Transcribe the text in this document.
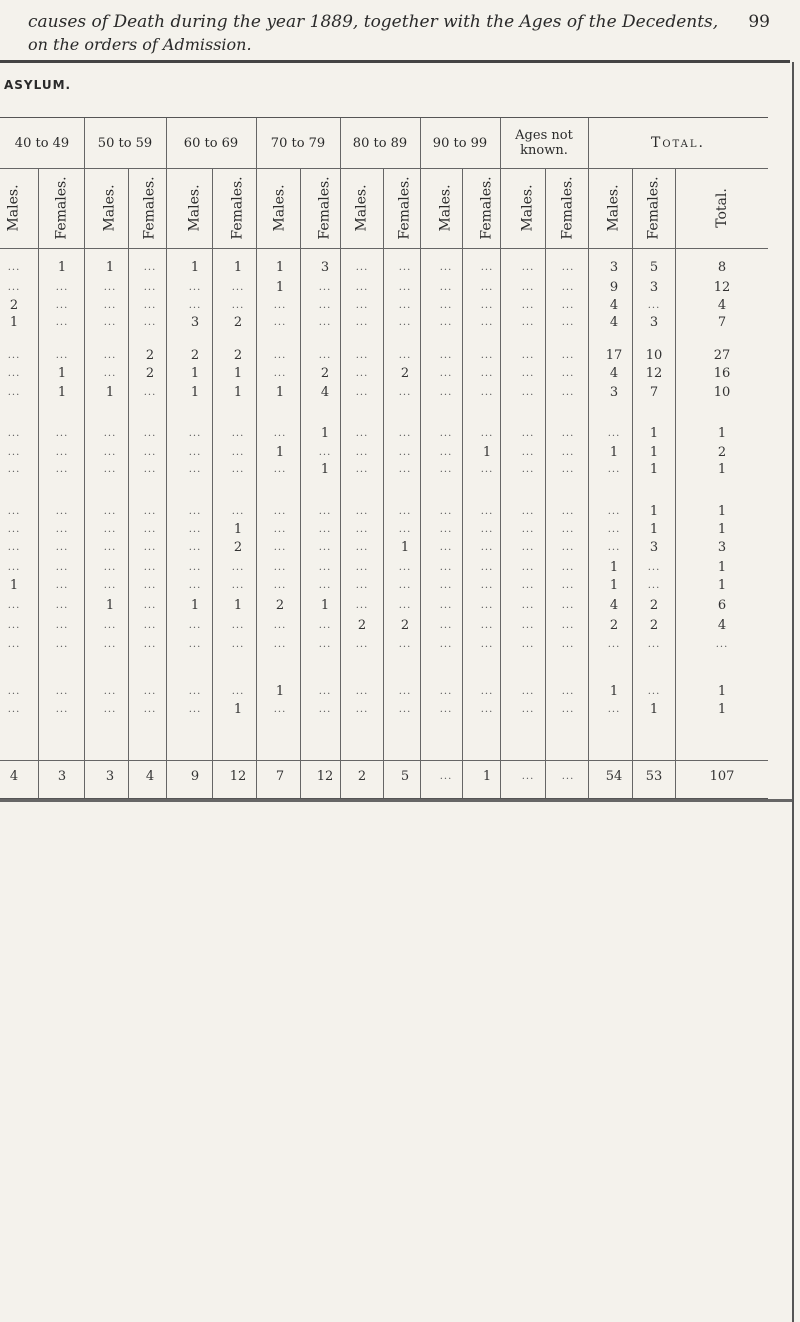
causes of Death during the year 1889, together with the Ages of the Decedents,
on the orders of Admission.
99
ASYLUM.
40 to 49	50 to 59	60 to 69	70 to 79	80 to 89	90 to 99	Ages not known.	Total.
Males. Females. Males. Females. Males. Females. Males. Females. Males. Females. Males. Females. Males. Females. Males. Females.	Total.
...	1	1	...	1	1	1	3	...	...	...	...	...	...	3	5	8
...	...	...	...	...	...	1	...	...	...	...	...	...	...	9	3	12
2	...	...	...	...	...	...	...	...	...	...	...	...	...	4	...	4
1	...	...	...	3	2	...	...	...	...	...	...	...	...	4	3	7
...	...	...	2	2	2	...	...	...	...	...	...	...	...	17	10	27
...	1	...	2	1	1	...	2	...	2	...	...	...	...	4	12	16
...	1	1	...	1	1	1	4	...	...	...	...	...	...	3	7	10
...	...	...	...	...	...	...	1	...	...	...	...	...	...	...	1	1
...	...	...	...	...	...	1	...	...	...	...	1	...	...	1	1	2
...	...	...	...	...	...	...	1	...	...	...	...	...	...	...	1	1
...	...	...	...	...	...	...	...	...	...	...	...	...	...	...	1	1
...	...	...	...	...	1	...	...	...	...	...	...	...	...	...	1	1
...	...	...	...	...	2	...	...	...	1	...	...	...	...	...	3	3
...	...	...	...	...	...	...	...	...	...	...	...	...	...	1	...	1
1	...	...	...	...	...	...	...	...	...	...	...	...	...	1	...	1
...	...	1	...	1	1	2	1	...	...	...	...	...	...	4	2	6
...	...	...	...	...	...	...	...	2	2	...	...	...	...	2	2	4
...	...	...	...	...	...	...	...	...	...	...	...	...	...	...	...	...
...	...	...	...	...	...	1	...	...	...	...	...	...	...	1	...	1
...	...	...	...	...	1	...	...	...	...	...	...	...	...	...	1	1
4	3	3	4	9	12	7	12	2	5	...	1	...	...	54	53	107
